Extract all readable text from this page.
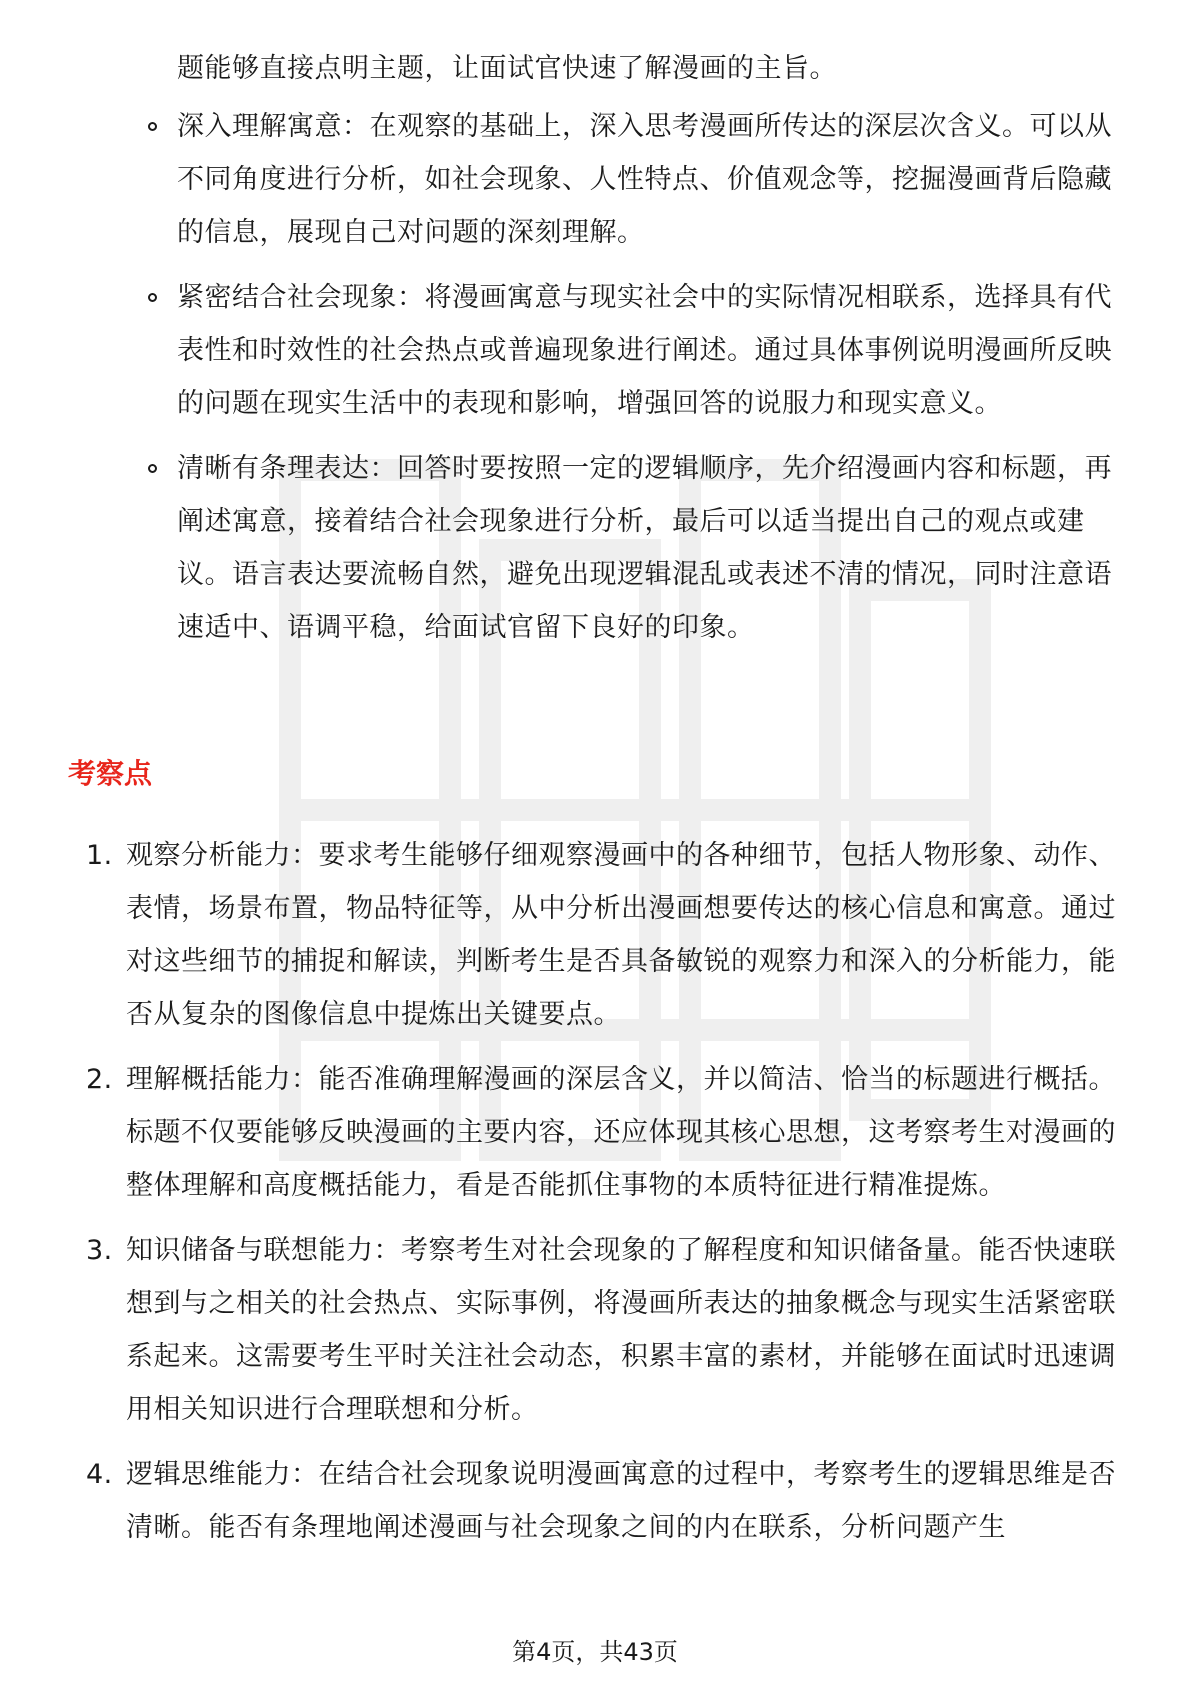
题能够直接点明主题，让面试官快速了解漫画的主旨。

深入理解寓意：在观察的基础上，深入思考漫画所传达的深层次含义。可以从不同角度进行分析，如社会现象、人性特点、价值观念等，挖掘漫画背后隐藏的信息，展现自己对问题的深刻理解。
紧密结合社会现象：将漫画寓意与现实社会中的实际情况相联系，选择具有代表性和时效性的社会热点或普遍现象进行阐述。通过具体事例说明漫画所反映的问题在现实生活中的表现和影响，增强回答的说服力和现实意义。
清晰有条理表达：回答时要按照一定的逻辑顺序，先介绍漫画内容和标题，再阐述寓意，接着结合社会现象进行分析，最后可以适当提出自己的观点或建议。语言表达要流畅自然，避免出现逻辑混乱或表述不清的情况，同时注意语速适中、语调平稳，给面试官留下良好的印象。
考察点
1. 观察分析能力：要求考生能够仔细观察漫画中的各种细节，包括人物形象、动作、表情，场景布置，物品特征等，从中分析出漫画想要传达的核心信息和寓意。通过对这些细节的捕捉和解读，判断考生是否具备敏锐的观察力和深入的分析能力，能否从复杂的图像信息中提炼出关键要点。
2. 理解概括能力：能否准确理解漫画的深层含义，并以简洁、恰当的标题进行概括。标题不仅要能够反映漫画的主要内容，还应体现其核心思想，这考察考生对漫画的整体理解和高度概括能力，看是否能抓住事物的本质特征进行精准提炼。
3. 知识储备与联想能力：考察考生对社会现象的了解程度和知识储备量。能否快速联想到与之相关的社会热点、实际事例，将漫画所表达的抽象概念与现实生活紧密联系起来。这需要考生平时关注社会动态，积累丰富的素材，并能够在面试时迅速调用相关知识进行合理联想和分析。
4. 逻辑思维能力：在结合社会现象说明漫画寓意的过程中，考察考生的逻辑思维是否清晰。能否有条理地阐述漫画与社会现象之间的内在联系，分析问题产生
第4页，共43页
